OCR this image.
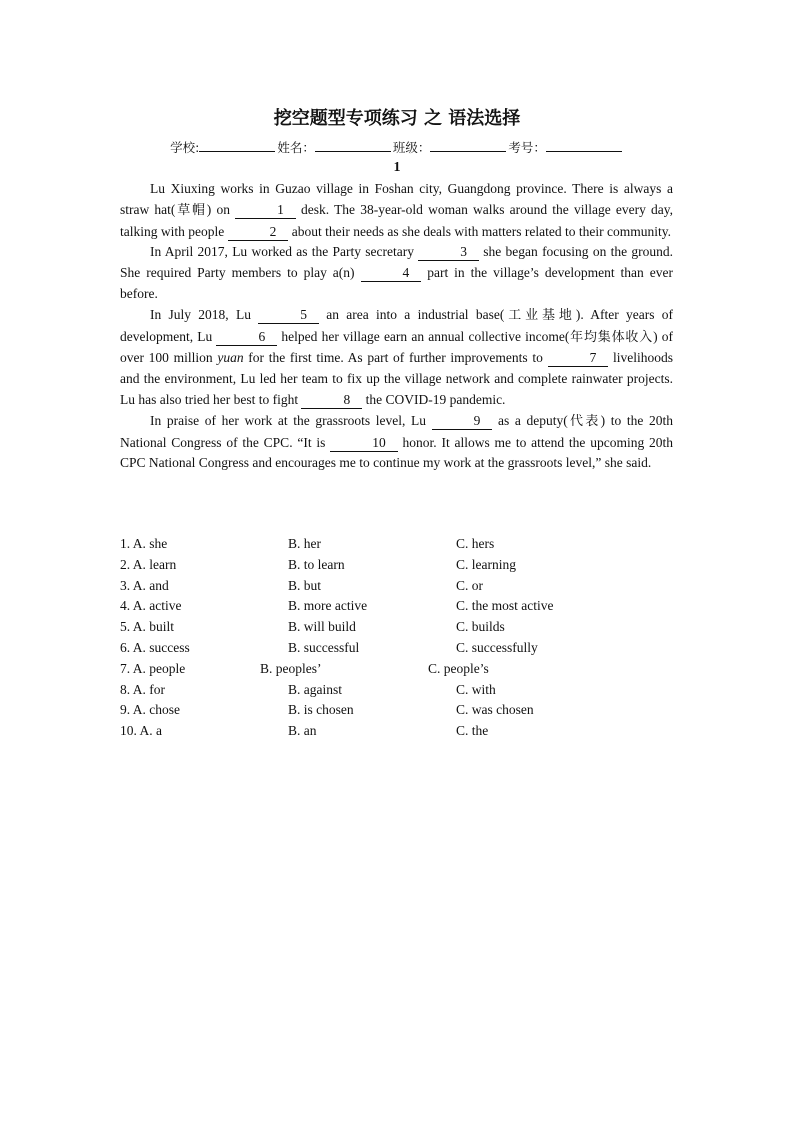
挖空题型专项练习 之 语法选择
学校:	姓名：	班级：	考号：
1

Lu Xiuxing works in Guzao village in Foshan city, Guangdong province. There is always a straw hat(草帽) on	1 desk. The 38-year-old woman walks around the village every day, talking with people	2 about their needs as she deals with matters related to their community.

In April 2017, Lu worked as the Party secretary	3 she began focusing on the ground. She required Party members to play a(n)	4 part in the village’s development than ever before.

In July 2018, Lu	5 an area into a industrial base(工业基地). After years of development, Lu	6 helped her village earn an annual collective income(年均集体收入) of over 100 million yuan for the first time. As part of further improvements to	7 livelihoods and the environment, Lu led her team to fix up the village network and complete rainwater projects. Lu has also tried her best to fight	8 the COVID-19 pandemic.

In praise of her work at the grassroots level, Lu	9 as a deputy(代表) to the 20th National Congress of the CPC. “It is	10 honor. It allows me to attend the upcoming 20th CPC National Congress and encourages me to continue my work at the grassroots level,” she said.

1. A. she	B. her	C. hers
2. A. learn	B. to learn	C. learning
3. A. and	B. but	C. or
4. A. active	B. more active	C. the most active
5. A. built	B. will build	C. builds
6. A. success	B. successful	C. successfully
7. A. people	B. peoples’	C. people’s
8. A. for	B. against	C. with
9. A. chose	B. is chosen	C. was chosen
10. A. a	B. an	C. the
